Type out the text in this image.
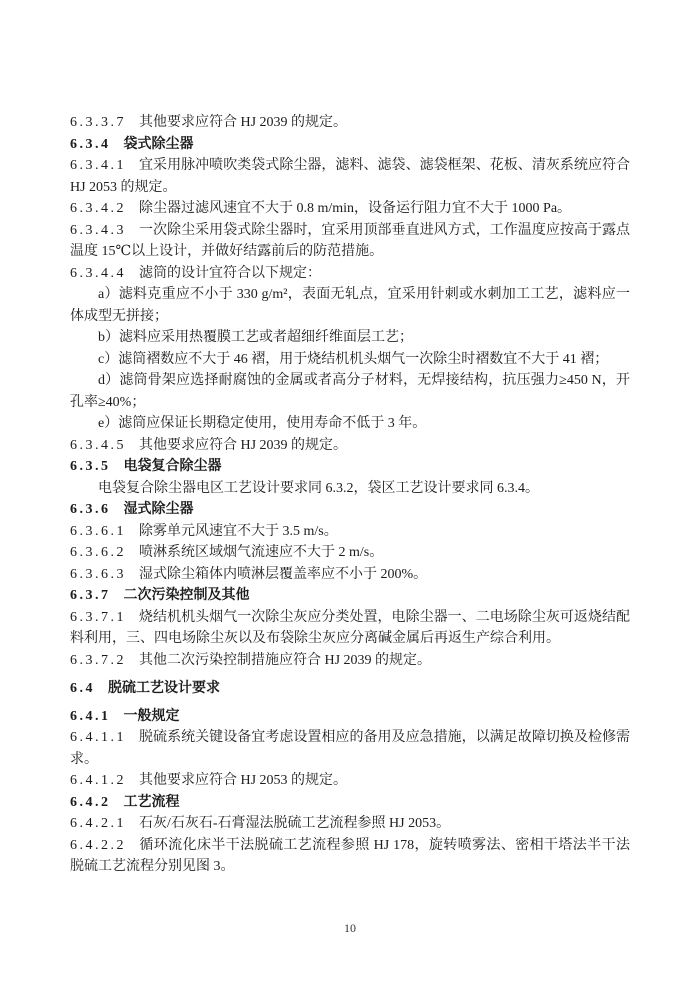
6.3.3.7 其他要求应符合 HJ 2039 的规定。

6.3.4 袋式除尘器

6.3.4.1 宜采用脉冲喷吹类袋式除尘器，滤料、滤袋、滤袋框架、花板、清灰系统应符合 HJ 2053 的规定。

6.3.4.2 除尘器过滤风速宜不大于 0.8 m/min，设备运行阻力宜不大于 1000 Pa。

6.3.4.3 一次除尘采用袋式除尘器时，宜采用顶部垂直进风方式，工作温度应按高于露点温度 15℃以上设计，并做好结露前后的防范措施。

6.3.4.4 滤筒的设计宜符合以下规定：

a）滤料克重应不小于 330 g/m²，表面无轧点，宜采用针刺或水刺加工工艺，滤料应一体成型无拼接；

b）滤料应采用热覆膜工艺或者超细纤维面层工艺；

c）滤筒褶数应不大于 46 褶，用于烧结机机头烟气一次除尘时褶数宜不大于 41 褶；

d）滤筒骨架应选择耐腐蚀的金属或者高分子材料，无焊接结构，抗压强力≥450 N，开孔率≥40%；

e）滤筒应保证长期稳定使用，使用寿命不低于 3 年。

6.3.4.5 其他要求应符合 HJ 2039 的规定。

6.3.5 电袋复合除尘器

电袋复合除尘器电区工艺设计要求同 6.3.2，袋区工艺设计要求同 6.3.4。

6.3.6 湿式除尘器

6.3.6.1 除雾单元风速宜不大于 3.5 m/s。

6.3.6.2 喷淋系统区域烟气流速应不大于 2 m/s。

6.3.6.3 湿式除尘箱体内喷淋层覆盖率应不小于 200%。

6.3.7 二次污染控制及其他

6.3.7.1 烧结机机头烟气一次除尘灰应分类处置，电除尘器一、二电场除尘灰可返烧结配料利用，三、四电场除尘灰以及布袋除尘灰应分离碱金属后再返生产综合利用。

6.3.7.2 其他二次污染控制措施应符合 HJ 2039 的规定。

6.4 脱硫工艺设计要求

6.4.1 一般规定

6.4.1.1 脱硫系统关键设备宜考虑设置相应的备用及应急措施，以满足故障切换及检修需求。

6.4.1.2 其他要求应符合 HJ 2053 的规定。

6.4.2 工艺流程

6.4.2.1 石灰/石灰石-石膏湿法脱硫工艺流程参照 HJ 2053。

6.4.2.2 循环流化床半干法脱硫工艺流程参照 HJ 178，旋转喷雾法、密相干塔法半干法脱硫工艺流程分别见图 3。

10
